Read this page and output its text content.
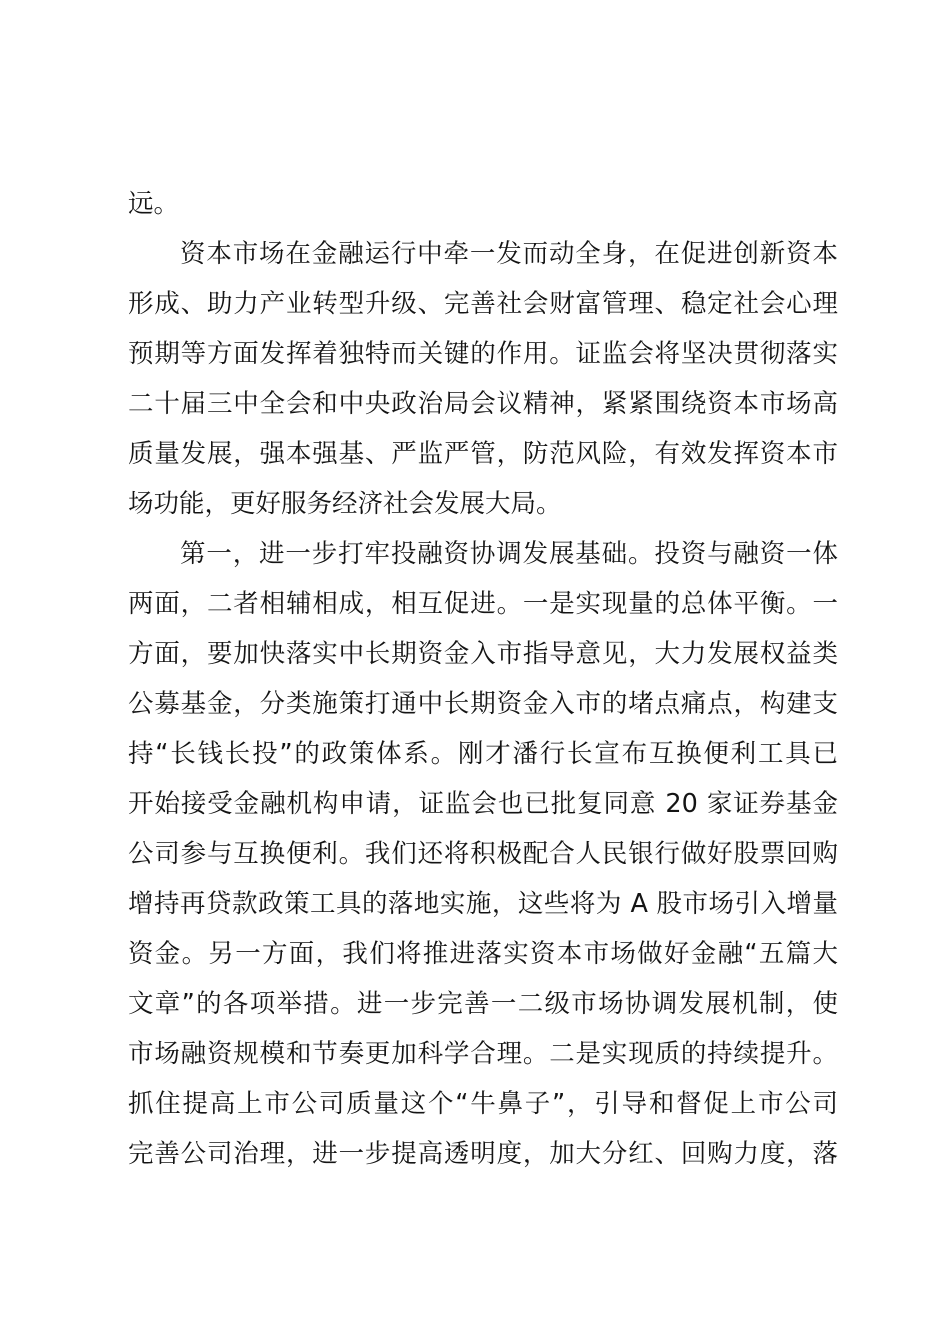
远。
资本市场在金融运行中牵一发而动全身，在促进创新资本
形成、助力产业转型升级、完善社会财富管理、稳定社会心理
预期等方面发挥着独特而关键的作用。证监会将坚决贯彻落实
二十届三中全会和中央政治局会议精神，紧紧围绕资本市场高
质量发展，强本强基、严监严管，防范风险，有效发挥资本市
场功能，更好服务经济社会发展大局。
第一，进一步打牢投融资协调发展基础。投资与融资一体
两面，二者相辅相成，相互促进。一是实现量的总体平衡。一
方面，要加快落实中长期资金入市指导意见，大力发展权益类
公募基金，分类施策打通中长期资金入市的堵点痛点，构建支
持“长钱长投”的政策体系。刚才潘行长宣布互换便利工具已
开始接受金融机构申请，证监会也已批复同意 20 家证券基金
公司参与互换便利。我们还将积极配合人民银行做好股票回购
增持再贷款政策工具的落地实施，这些将为 A 股市场引入增量
资金。另一方面，我们将推进落实资本市场做好金融“五篇大
文章”的各项举措。进一步完善一二级市场协调发展机制，使
市场融资规模和节奏更加科学合理。二是实现质的持续提升。
抓住提高上市公司质量这个“牛鼻子”，引导和督促上市公司
完善公司治理，进一步提高透明度，加大分红、回购力度，落
